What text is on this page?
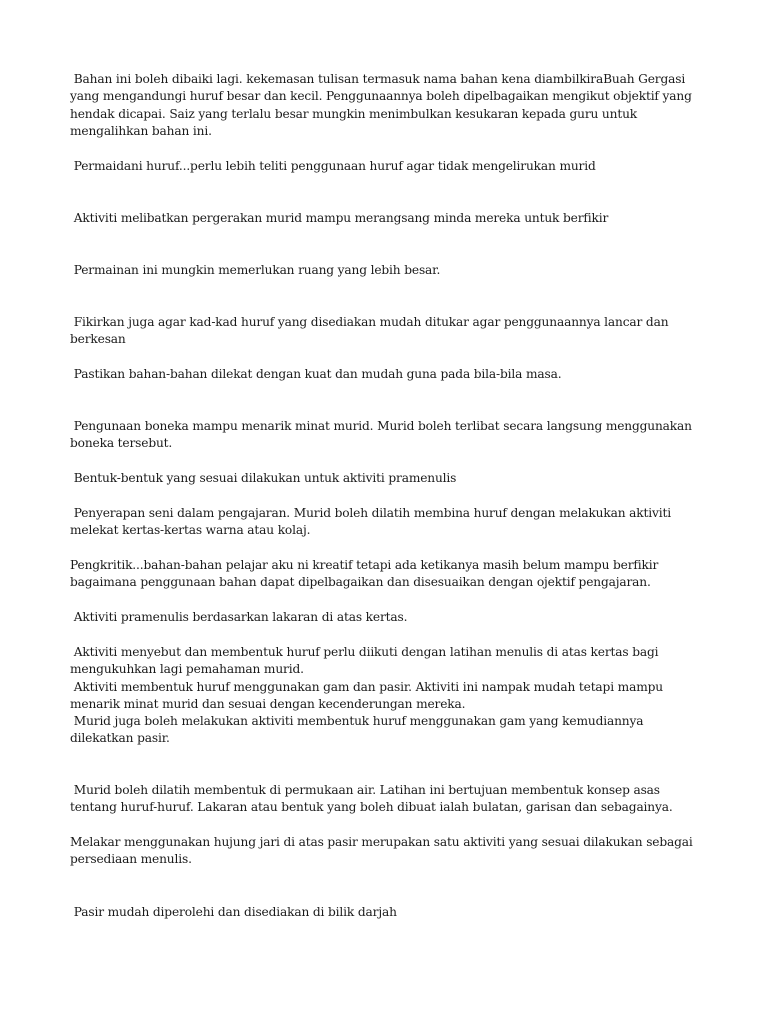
Bahan ini boleh dibaiki lagi. kekemasan tulisan termasuk nama bahan kena diambilkiraBuah Gergasi yang mengandungi huruf besar dan kecil. Penggunaannya boleh dipelbagaikan mengikut objektif yang hendak dicapai. Saiz yang terlalu besar mungkin menimbulkan kesukaran kepada guru untuk mengalihkan bahan ini.

Permaidani huruf...perlu lebih teliti penggunaan huruf agar tidak mengelirukan murid

Aktiviti melibatkan pergerakan murid mampu merangsang minda mereka untuk berfikir

Permainan ini mungkin memerlukan ruang yang lebih besar.

Fikirkan juga agar kad-kad huruf yang disediakan mudah ditukar agar penggunaannya lancar dan berkesan

Pastikan bahan-bahan dilekat dengan kuat dan mudah guna pada bila-bila masa.

Pengunaan boneka mampu menarik minat murid. Murid boleh terlibat secara langsung menggunakan boneka tersebut.

Bentuk-bentuk yang sesuai dilakukan untuk aktiviti pramenulis

Penyerapan seni dalam pengajaran. Murid boleh dilatih membina huruf dengan melakukan aktiviti melekat kertas-kertas warna atau kolaj.

Pengkritik...bahan-bahan pelajar aku ni kreatif tetapi ada ketikanya masih belum mampu berfikir bagaimana penggunaan bahan dapat dipelbagaikan dan disesuaikan dengan ojektif pengajaran.

Aktiviti pramenulis berdasarkan lakaran di atas kertas.

Aktiviti menyebut dan membentuk huruf perlu diikuti dengan latihan menulis di atas kertas bagi mengukuhkan lagi pemahaman murid.
Aktiviti membentuk huruf menggunakan gam dan pasir. Aktiviti ini nampak mudah tetapi mampu menarik minat murid dan sesuai dengan kecenderungan mereka.
Murid juga boleh melakukan aktiviti membentuk huruf menggunakan gam yang kemudiannya dilekatkan pasir.

Murid boleh dilatih membentuk di permukaan air. Latihan ini bertujuan membentuk konsep asas tentang huruf-huruf. Lakaran atau bentuk yang boleh dibuat ialah bulatan, garisan dan sebagainya.

Melakar menggunakan hujung jari di atas pasir merupakan satu aktiviti yang sesuai dilakukan sebagai persediaan menulis.

Pasir mudah diperolehi dan disediakan di bilik darjah
